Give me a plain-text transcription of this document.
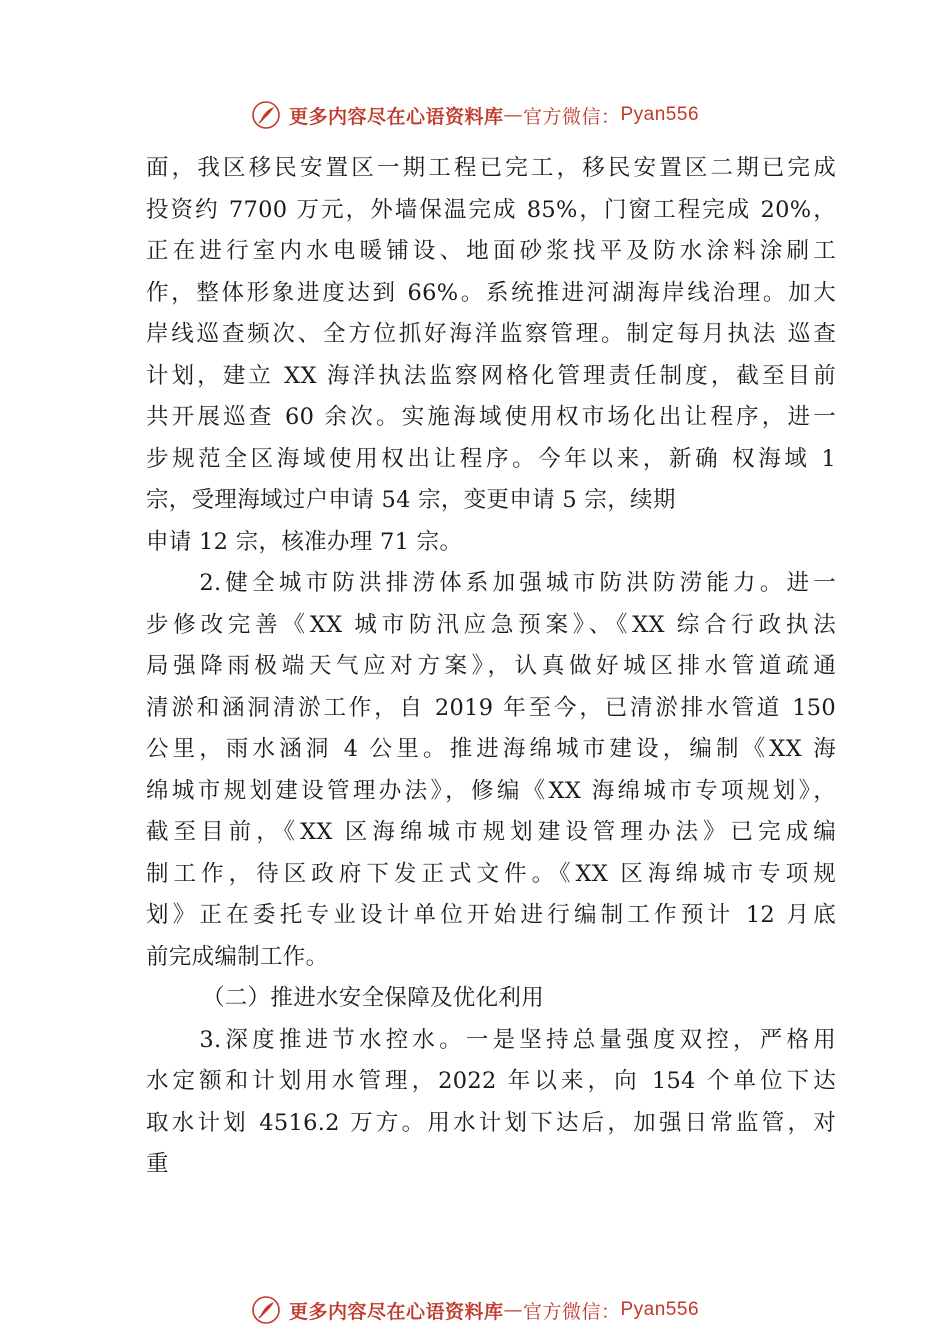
更多内容尽在心语资料库 — 官方微信： Pyan556
面，我区移民安置区一期工程已完工，移民安置区二期已完成
投资约 7700 万元，外墙保温完成 85%，门窗工程完成 20%，
正在进行室内水电暖铺设、地面砂浆找平及防水涂料涂刷工
作，整体形象进度达到 66%。系统推进河湖海岸线治理。加大
岸线巡查频次、全方位抓好海洋监察管理。制定每月执法 巡查
计划，建立 XX 海洋执法监察网格化管理责任制度，截至目前
共开展巡查 60 余次。实施海域使用权市场化出让程序，进一
步规范全区海域使用权出让程序。今年以来，新确 权海域 1
宗，受理海域过户申请 54 宗，变更申请 5 宗，续期
申请 12 宗，核准办理 71 宗。
　　2.健全城市防洪排涝体系加强城市防洪防涝能力。进一
步修改完善《XX 城市防汛应急预案》、《XX 综合行政执法
局强降雨极端天气应对方案》，认真做好城区排水管道疏通
清淤和涵洞清淤工作，自 2019 年至今，已清淤排水管道 150
公里，雨水涵洞 4 公里。推进海绵城市建设，编制《XX 海
绵城市规划建设管理办法》，修编《XX 海绵城市专项规划》，
截至目前，《XX 区海绵城市规划建设管理办法》已完成编
制工作，待区政府下发正式文件。《XX 区海绵城市专项规
划》正在委托专业设计单位开始进行编制工作预计 12 月底
前完成编制工作。
（二）推进水安全保障及优化利用
　　3.深度推进节水控水。一是坚持总量强度双控，严格用
水定额和计划用水管理，2022 年以来，向 154 个单位下达
取水计划 4516.2 万方。用水计划下达后，加强日常监管，对
重
更多内容尽在心语资料库 — 官方微信： Pyan556
